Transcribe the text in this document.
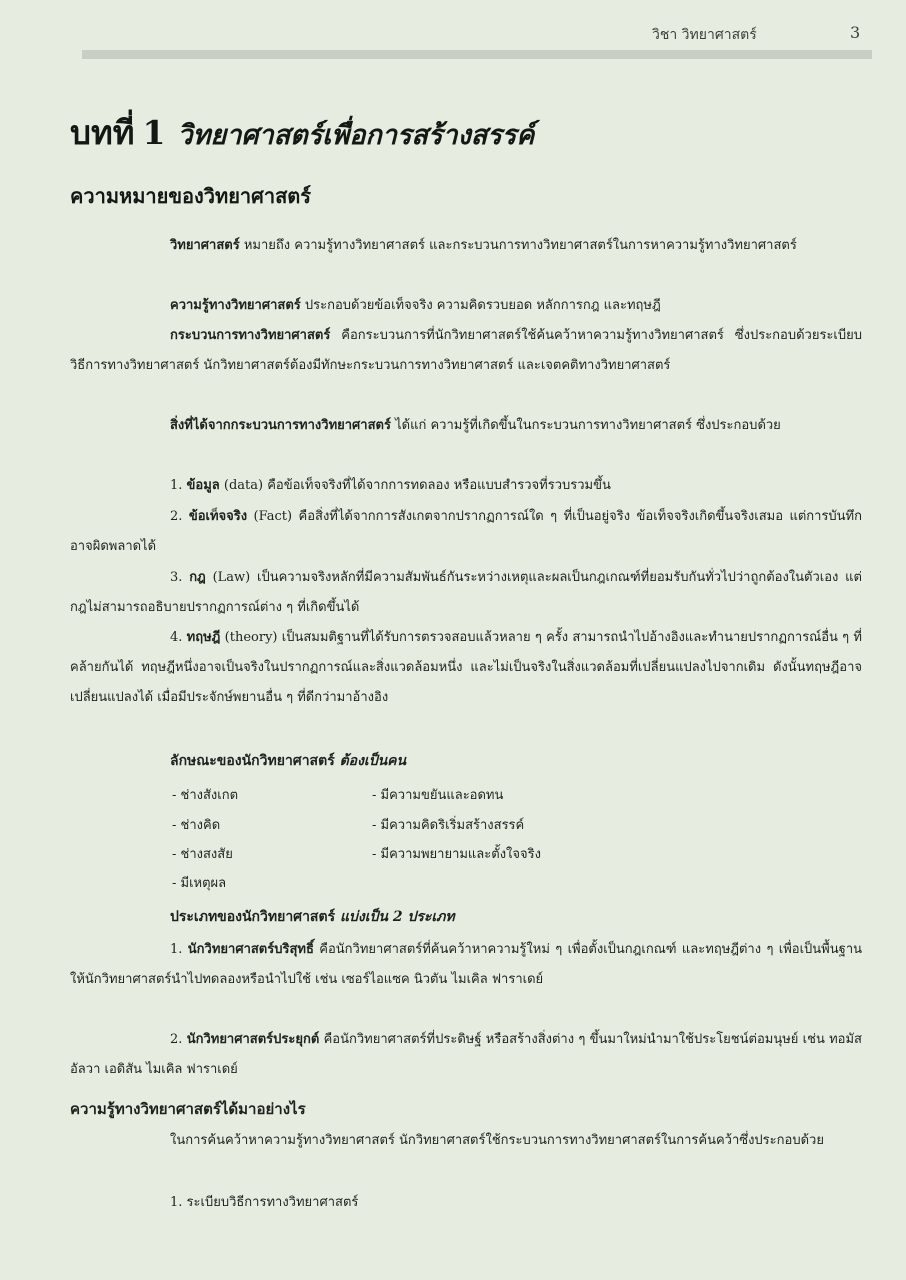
วิชา วิทยาศาสตร์	3
บทที่ 1 วิทยาศาสตร์เพื่อการสร้างสรรค์
ความหมายของวิทยาศาสตร์

วิทยาศาสตร์ หมายถึง ความรู้ทางวิทยาศาสตร์ และกระบวนการทางวิทยาศาสตร์ในการหาความรู้ทางวิทยาศาสตร์

ความรู้ทางวิทยาศาสตร์ ประกอบด้วยข้อเท็จจริง ความคิดรวบยอด หลักการกฎ และทฤษฎี

กระบวนการทางวิทยาศาสตร์ คือกระบวนการที่นักวิทยาศาสตร์ใช้ค้นคว้าหาความรู้ทางวิทยาศาสตร์ ซึ่งประกอบด้วยระเบียบวิธีการทางวิทยาศาสตร์ นักวิทยาศาสตร์ต้องมีทักษะกระบวนการทางวิทยาศาสตร์ และเจตคติทางวิทยาศาสตร์

สิ่งที่ได้จากกระบวนการทางวิทยาศาสตร์ ได้แก่ ความรู้ที่เกิดขึ้นในกระบวนการทางวิทยาศาสตร์ ซึ่งประกอบด้วย

1. ข้อมูล (data) คือข้อเท็จจริงที่ได้จากการทดลอง หรือแบบสำรวจที่รวบรวมขึ้น

2. ข้อเท็จจริง (Fact) คือสิ่งที่ได้จากการสังเกตจากปรากฏการณ์ใด ๆ ที่เป็นอยู่จริง ข้อเท็จจริงเกิดขึ้นจริงเสมอ แต่การบันทึกอาจผิดพลาดได้

3. กฎ (Law) เป็นความจริงหลักที่มีความสัมพันธ์กันระหว่างเหตุและผลเป็นกฎเกณฑ์ที่ยอมรับกันทั่วไปว่าถูกต้องในตัวเอง แต่กฎไม่สามารถอธิบายปรากฏการณ์ต่าง ๆ ที่เกิดขึ้นได้

4. ทฤษฎี (theory) เป็นสมมติฐานที่ได้รับการตรวจสอบแล้วหลาย ๆ ครั้ง สามารถนำไปอ้างอิงและทำนายปรากฏการณ์อื่น ๆ ที่คล้ายกันได้ ทฤษฎีหนึ่งอาจเป็นจริงในปรากฏการณ์และสิ่งแวดล้อมหนึ่ง และไม่เป็นจริงในสิ่งแวดล้อมที่เปลี่ยนแปลงไปจากเดิม ดังนั้นทฤษฎีอาจเปลี่ยนแปลงได้ เมื่อมีประจักษ์พยานอื่น ๆ ที่ดีกว่ามาอ้างอิง

ลักษณะของนักวิทยาศาสตร์ ต้องเป็นคน
- ช่างสังเกต
- ช่างคิด
- ช่างสงสัย
- มีเหตุผล
- มีความขยันและอดทน
- มีความคิดริเริ่มสร้างสรรค์
- มีความพยายามและตั้งใจจริง
ประเภทของนักวิทยาศาสตร์ แบ่งเป็น 2 ประเภท

1. นักวิทยาศาสตร์บริสุทธิ์ คือนักวิทยาศาสตร์ที่ค้นคว้าหาความรู้ใหม่ ๆ เพื่อตั้งเป็นกฎเกณฑ์ และทฤษฎีต่าง ๆ เพื่อเป็นพื้นฐานให้นักวิทยาศาสตร์นำไปทดลองหรือนำไปใช้ เช่น เซอร์ไอแซค นิวตัน ไมเคิล ฟาราเดย์

2. นักวิทยาศาสตร์ประยุกต์ คือนักวิทยาศาสตร์ที่ประดิษฐ์ หรือสร้างสิ่งต่าง ๆ ขึ้นมาใหม่นำมาใช้ประโยชน์ต่อมนุษย์ เช่น ทอมัส อัลวา เอดิสัน ไมเคิล ฟาราเดย์

ความรู้ทางวิทยาศาสตร์ได้มาอย่างไร

ในการค้นคว้าหาความรู้ทางวิทยาศาสตร์ นักวิทยาศาสตร์ใช้กระบวนการทางวิทยาศาสตร์ในการค้นคว้าซึ่งประกอบด้วย

1. ระเบียบวิธีการทางวิทยาศาสตร์
